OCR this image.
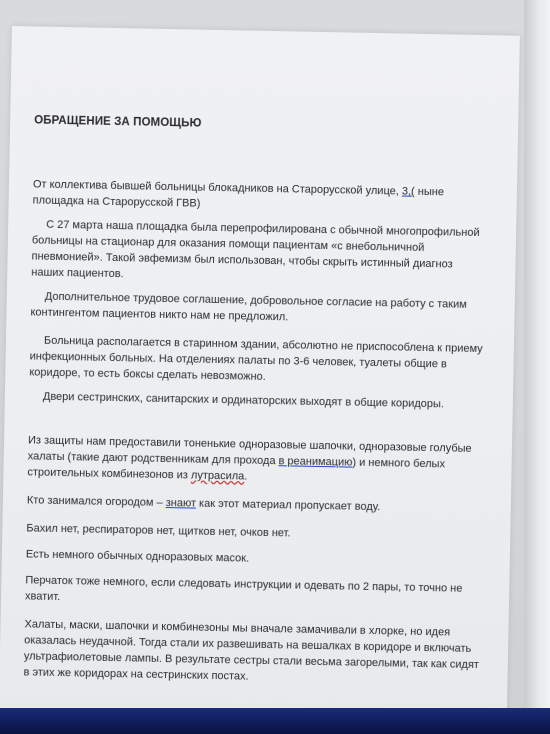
ОБРАЩЕНИЕ ЗА ПОМОЩЬЮ
От коллектива бывшей больницы блокадников на Старорусской улице, 3,( ныне площадка на Старорусской ГВВ)
С 27 марта наша площадка была перепрофилирована с обычной многопрофильной больницы на стационар для оказания помощи пациентам «с внебольничной пневмонией». Такой эвфемизм был использован, чтобы скрыть истинный диагноз наших пациентов.
Дополнительное трудовое соглашение, добровольное согласие на работу с таким контингентом пациентов никто нам не предложил.
Больница располагается в старинном здании, абсолютно не приспособлена к приему инфекционных больных. На отделениях палаты по 3-6 человек, туалеты общие в коридоре, то есть боксы сделать невозможно.
Двери сестринских, санитарских и ординаторских выходят в общие коридоры.
Из защиты нам предоставили тоненькие одноразовые шапочки, одноразовые голубые халаты (такие дают родственникам для прохода в реанимацию) и немного белых строительных комбинезонов из лутрасила.
Кто занимался огородом – знают как этот материал пропускает воду.
Бахил нет, респираторов нет, щитков нет, очков нет.
Есть немного обычных одноразовых масок.
Перчаток тоже немного, если следовать инструкции и одевать по 2 пары, то точно не хватит.
Халаты, маски, шапочки и комбинезоны мы вначале замачивали в хлорке, но идея оказалась неудачной. Тогда стали их развешивать на вешалках в коридоре и включать ультрафиолетовые лампы. В результате сестры стали весьма загорелыми, так как сидят в этих же коридорах на сестринских постах.
